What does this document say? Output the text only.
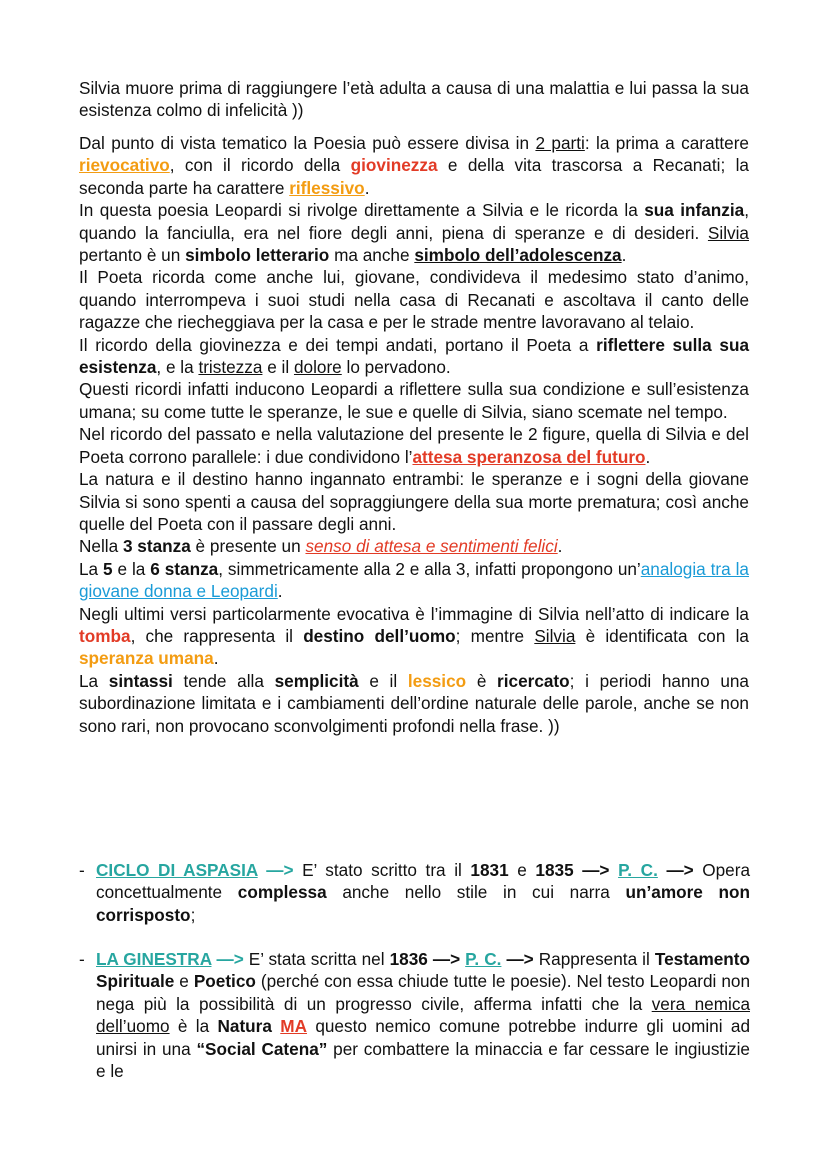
Silvia muore prima di raggiungere l’età adulta a causa di una malattia e lui passa la sua esistenza colmo di infelicità ))

Dal punto di vista tematico la Poesia può essere divisa in 2 parti: la prima a carattere rievocativo, con il ricordo della giovinezza e della vita trascorsa a Recanati; la seconda parte ha carattere riflessivo.
In questa poesia Leopardi si rivolge direttamente a Silvia e le ricorda la sua infanzia, quando la fanciulla, era nel fiore degli anni, piena di speranze e di desideri. Silvia pertanto è un simbolo letterario ma anche simbolo dell’adolescenza.
Il Poeta ricorda come anche lui, giovane, condivideva il medesimo stato d’animo, quando interrompeva i suoi studi nella casa di Recanati e ascoltava il canto delle ragazze che riecheggiava per la casa e per le strade mentre lavoravano al telaio.
Il ricordo della giovinezza e dei tempi andati, portano il Poeta a riflettere sulla sua esistenza, e la tristezza e il dolore lo pervadono.
Questi ricordi infatti inducono Leopardi a riflettere sulla sua condizione e sull’esistenza umana; su come tutte le speranze, le sue e quelle di Silvia, siano scemate nel tempo.
Nel ricordo del passato e nella valutazione del presente le 2 figure, quella di Silvia e del Poeta corrono parallele: i due condividono l’attesa speranzosa del futuro.
La natura e il destino hanno ingannato entrambi: le speranze e i sogni della giovane Silvia si sono spenti a causa del sopraggiungere della sua morte prematura; così anche quelle del Poeta con il passare degli anni.
Nella 3 stanza è presente un senso di attesa e sentimenti felici.
La 5 e la 6 stanza, simmetricamente alla 2 e alla 3, infatti propongono un’analogia tra la giovane donna e Leopardi.
Negli ultimi versi particolarmente evocativa è l’immagine di Silvia nell’atto di indicare la tomba, che rappresenta il destino dell’uomo; mentre Silvia è identificata con la speranza umana.
La sintassi tende alla semplicità e il lessico è ricercato; i periodi hanno una subordinazione limitata e i cambiamenti dell’ordine naturale delle parole, anche se non sono rari, non provocano sconvolgimenti profondi nella frase. ))

- CICLO DI ASPASIA —> E’ stato scritto tra il 1831 e 1835 —> P. C. —> Opera concettualmente complessa anche nello stile in cui narra un’amore non corrisposto;
- LA GINESTRA —> E’ stata scritta nel 1836 —> P. C. —> Rappresenta il Testamento Spirituale e Poetico (perché con essa chiude tutte le poesie). Nel testo Leopardi non nega più la possibilità di un progresso civile, afferma infatti che la vera nemica dell’uomo è la Natura MA questo nemico comune potrebbe indurre gli uomini ad unirsi in una “Social Catena” per combattere la minaccia e far cessare le ingiustizie e le
